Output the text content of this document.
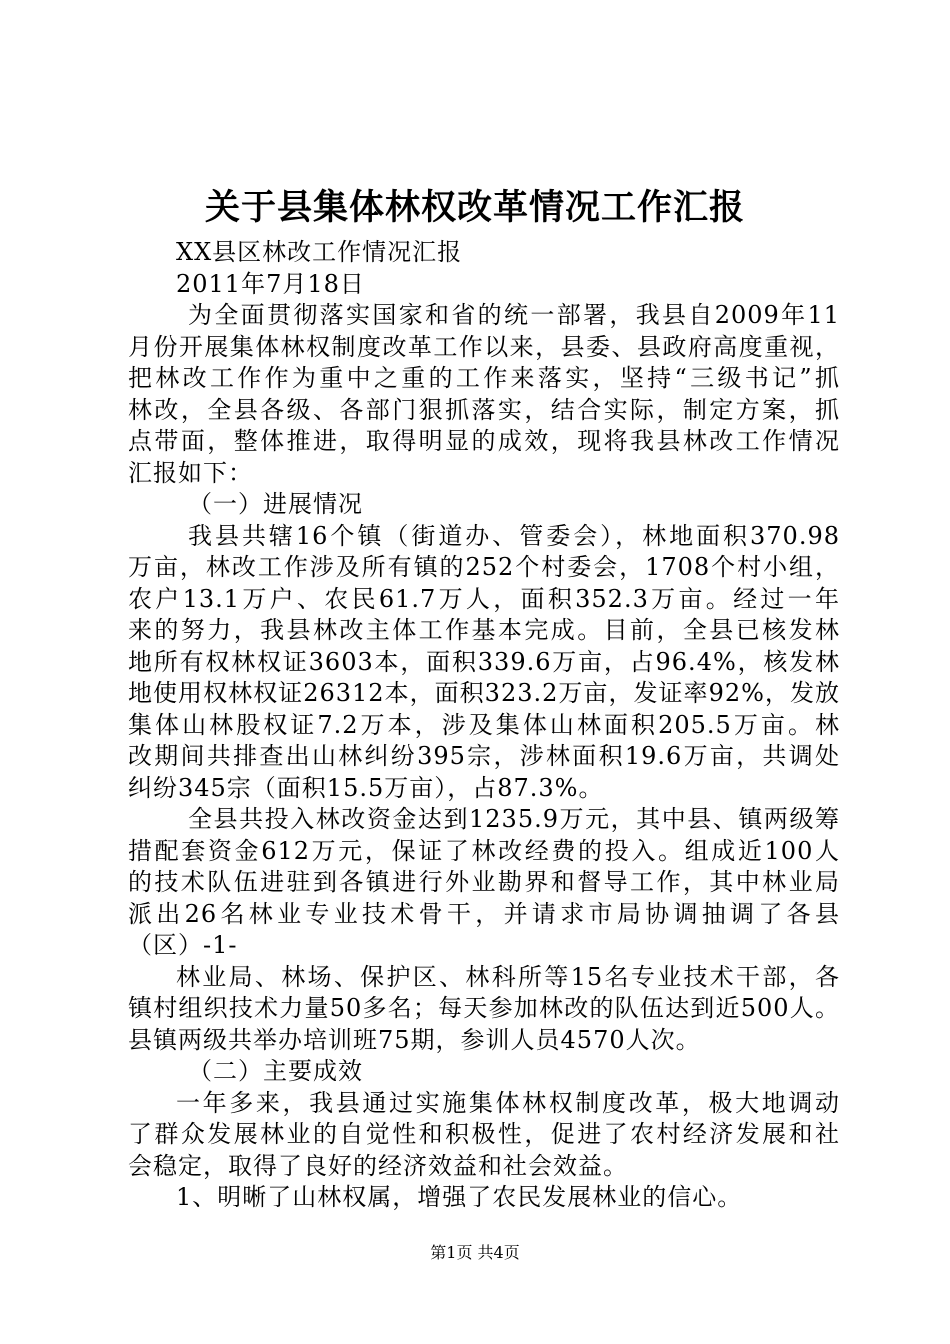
关于县集体林权改革情况工作汇报
XX县区林改工作情况汇报
2011年7月18日
为全面贯彻落实国家和省的统一部署，我县自2009年11
月份开展集体林权制度改革工作以来，县委、县政府高度重视，
把林改工作作为重中之重的工作来落实，坚持“三级书记”抓
林改，全县各级、各部门狠抓落实，结合实际，制定方案，抓
点带面，整体推进，取得明显的成效，现将我县林改工作情况
汇报如下：
（一）进展情况
我县共辖16个镇（街道办、管委会），林地面积370.98
万亩，林改工作涉及所有镇的252个村委会，1708个村小组，
农户13.1万户、农民61.7万人，面积352.3万亩。经过一年
来的努力，我县林改主体工作基本完成。目前，全县已核发林
地所有权林权证3603本，面积339.6万亩，占96.4%，核发林
地使用权林权证26312本，面积323.2万亩，发证率92%，发放
集体山林股权证7.2万本，涉及集体山林面积205.5万亩。林
改期间共排查出山林纠纷395宗，涉林面积19.6万亩，共调处
纠纷345宗（面积15.5万亩），占87.3%。
全县共投入林改资金达到1235.9万元，其中县、镇两级筹
措配套资金612万元，保证了林改经费的投入。组成近100人
的技术队伍进驻到各镇进行外业勘界和督导工作，其中林业局
派出26名林业专业技术骨干，并请求市局协调抽调了各县
（区）-1-
林业局、林场、保护区、林科所等15名专业技术干部，各
镇村组织技术力量50多名；每天参加林改的队伍达到近500人。
县镇两级共举办培训班75期，参训人员4570人次。
（二）主要成效
一年多来，我县通过实施集体林权制度改革，极大地调动
了群众发展林业的自觉性和积极性，促进了农村经济发展和社
会稳定，取得了良好的经济效益和社会效益。
1、明晰了山林权属，增强了农民发展林业的信心。
第1页 共4页
